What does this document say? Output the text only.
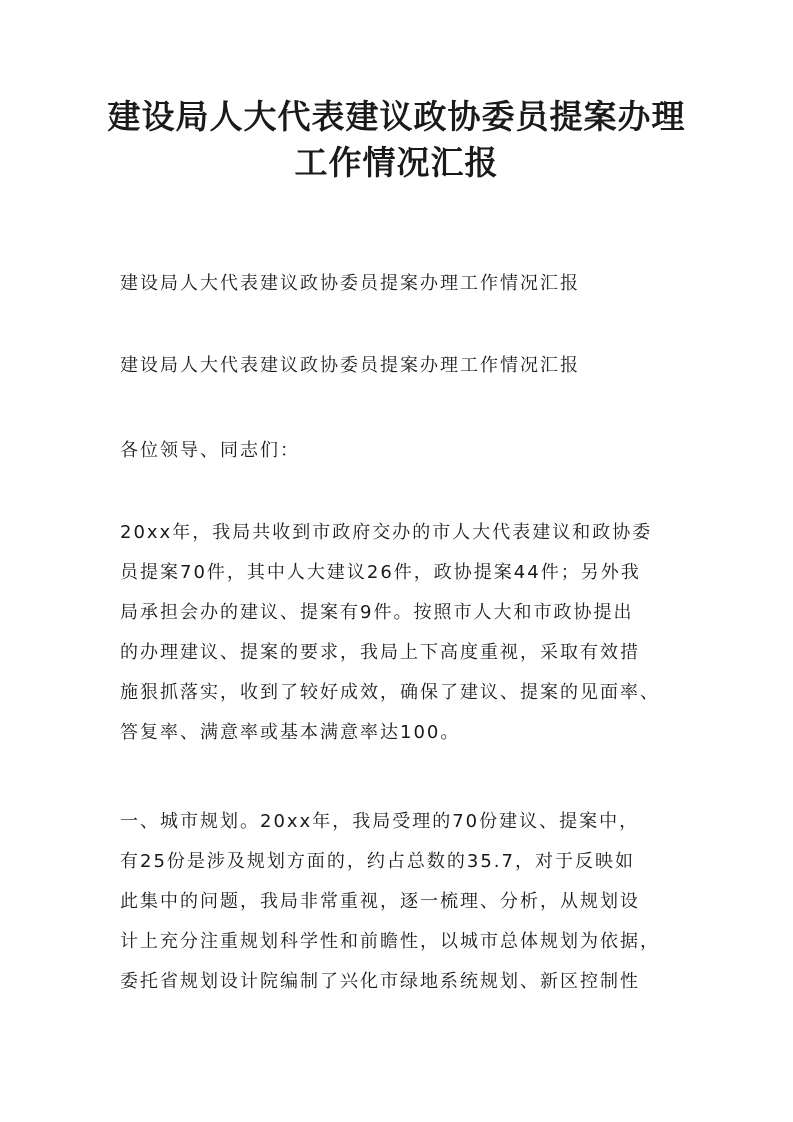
建设局人大代表建议政协委员提案办理
工作情况汇报

建设局人大代表建议政协委员提案办理工作情况汇报

建设局人大代表建议政协委员提案办理工作情况汇报

各位领导、同志们：

20xx年，我局共收到市政府交办的市人大代表建议和政协委
员提案70件，其中人大建议26件，政协提案44件；另外我
局承担会办的建议、提案有9件。按照市人大和市政协提出
的办理建议、提案的要求，我局上下高度重视，采取有效措
施狠抓落实，收到了较好成效，确保了建议、提案的见面率、
答复率、满意率或基本满意率达100。

一、城市规划。20xx年，我局受理的70份建议、提案中，
有25份是涉及规划方面的，约占总数的35.7，对于反映如
此集中的问题，我局非常重视，逐一梳理、分析，从规划设
计上充分注重规划科学性和前瞻性，以城市总体规划为依据，
委托省规划设计院编制了兴化市绿地系统规划、新区控制性
